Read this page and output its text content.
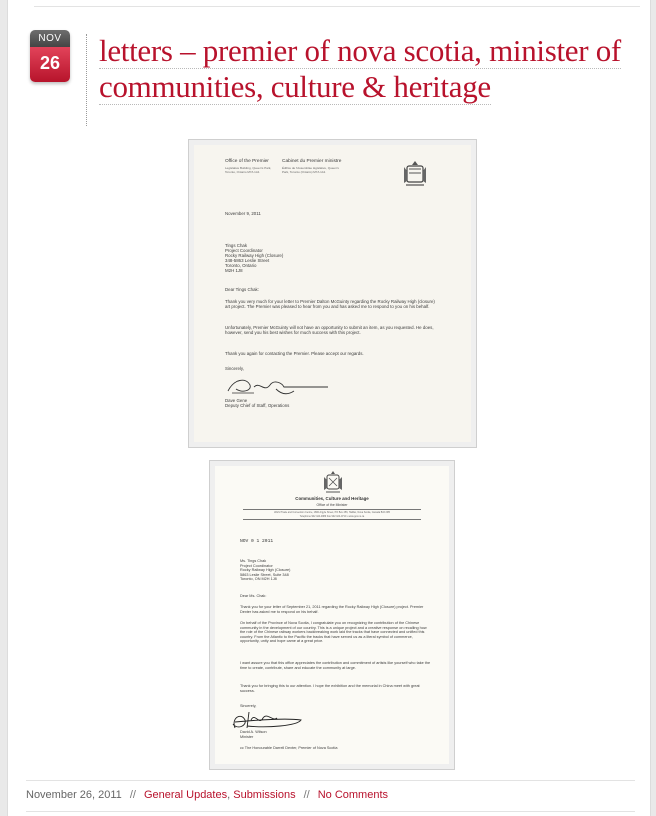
NOV
26	letters – premier of nova scotia, minister of communities, culture & heritage
Office of the Premier
Legislative Building, Queen's Park, Toronto, Ontario M7A 1A1
Cabinet du Premier ministre
Édifice de l'Assemblée législative, Queen's Park, Toronto (Ontario) M7A 1A1
November 9, 2011
Tings Chak
Project Coordinator
Rocky Railway High (Closure)
348-5863 Leslie Street
Toronto, Ontario
M2H 1J8
Dear Tings Chak:
Thank you very much for your letter to Premier Dalton McGuinty regarding the Rocky Railway High (closure) art project. The Premier was pleased to hear from you and has asked me to respond to you on his behalf.
Unfortunately, Premier McGuinty will not have an opportunity to submit an item, as you requested. He does, however, send you his best wishes for much success with this project.
Thank you again for contacting the Premier. Please accept our regards.
Sincerely,
Dave Gene
Deputy Chief of Staff, Operations
Communities, Culture and Heritage
Office of the Minister
World Trade and Convention Centre, 1800 Argyle Street, PO Box 456, Halifax, Nova Scotia, Canada B3J 2R5
Telephone 902 424-4889 Fax 902 424-0710 • www.gov.ns.ca
NOV 0 1 2011
Ms. Tings Chak
Project Coordinator
Rocky Railway High (Closure)
5863 Leslie Street, Suite 348
Toronto, ON M2H 1J8
Dear Ms. Chak:
Thank you for your letter of September 21, 2011 regarding the Rocky Railway High (Closure) project. Premier Dexter has asked me to respond on his behalf.
On behalf of the Province of Nova Scotia, I congratulate you on recognizing the contribution of the Chinese community in the development of our country. This is a unique project and a creative response on recalling how the role of the Chinese railway workers backbreaking work laid the tracks that have connected and unified this country. From the Atlantic to the Pacific the tracks that have served us as a literal symbol of commerce, opportunity, unity and hope came at a great price.
I want assure you that this office appreciates the contribution and commitment of artists like yourself who take the time to create, contribute, share and educate the community at large.
Thank you for bringing this to our attention. I hope the exhibition and the memorial in China meet with great success.
Sincerely,
David A. Wilson
Minister
cc The Honourable Darrell Dexter, Premier of Nova Scotia
November 26, 2011 // General Updates, Submissions // No Comments
